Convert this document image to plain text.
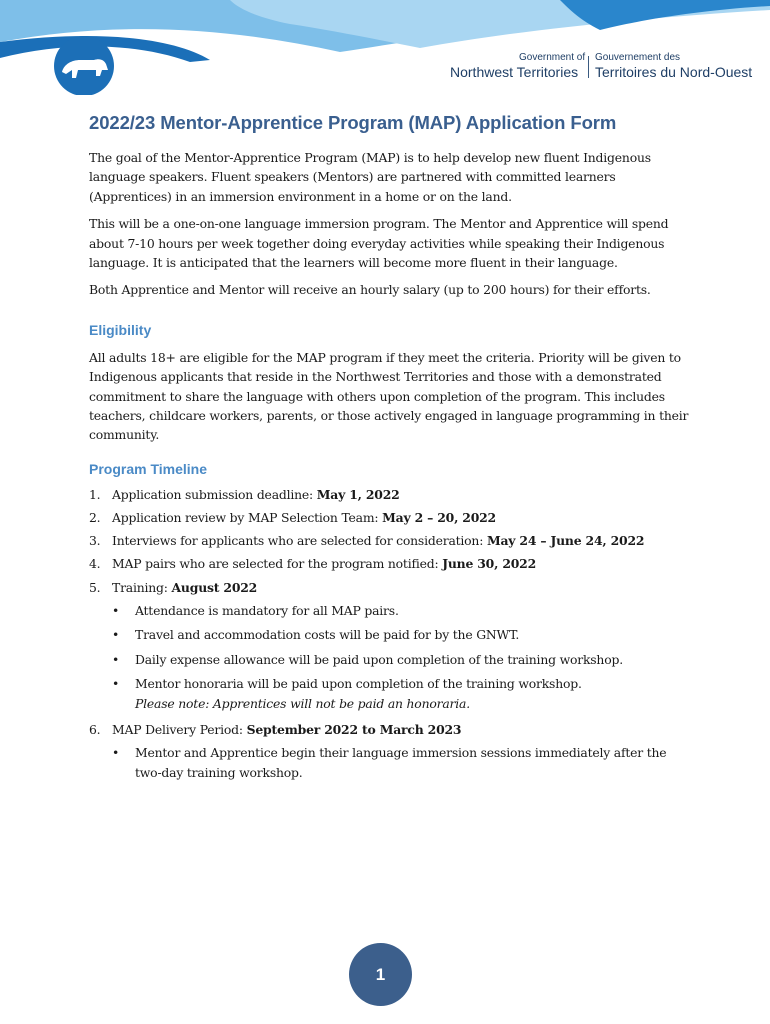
Government of
Northwest Territories
Gouvernement des
Territoires du Nord-Ouest
2022/23 Mentor-Apprentice Program (MAP) Application Form

The goal of the Mentor-Apprentice Program (MAP) is to help develop new fluent Indigenous language speakers. Fluent speakers (Mentors) are partnered with committed learners (Apprentices) in an immersion environment in a home or on the land.

This will be a one-on-one language immersion program. The Mentor and Apprentice will spend about 7-10 hours per week together doing everyday activities while speaking their Indigenous language. It is anticipated that the learners will become more fluent in their language.

Both Apprentice and Mentor will receive an hourly salary (up to 200 hours) for their efforts.

Eligibility

All adults 18+ are eligible for the MAP program if they meet the criteria. Priority will be given to Indigenous applicants that reside in the Northwest Territories and those with a demonstrated commitment to share the language with others upon completion of the program. This includes teachers, childcare workers, parents, or those actively engaged in language programming in their community.

Program Timeline
1. Application submission deadline: May 1, 2022
2. Application review by MAP Selection Team: May 2 – 20, 2022
3. Interviews for applicants who are selected for consideration: May 24 – June 24, 2022
4. MAP pairs who are selected for the program notified: June 30, 2022
5. Training: August 2022
• Attendance is mandatory for all MAP pairs.
• Travel and accommodation costs will be paid for by the GNWT.
• Daily expense allowance will be paid upon completion of the training workshop.
• Mentor honoraria will be paid upon completion of the training workshop.
Please note: Apprentices will not be paid an honoraria.
6. MAP Delivery Period: September 2022 to March 2023
• Mentor and Apprentice begin their language immersion sessions immediately after the two-day training workshop.
1
